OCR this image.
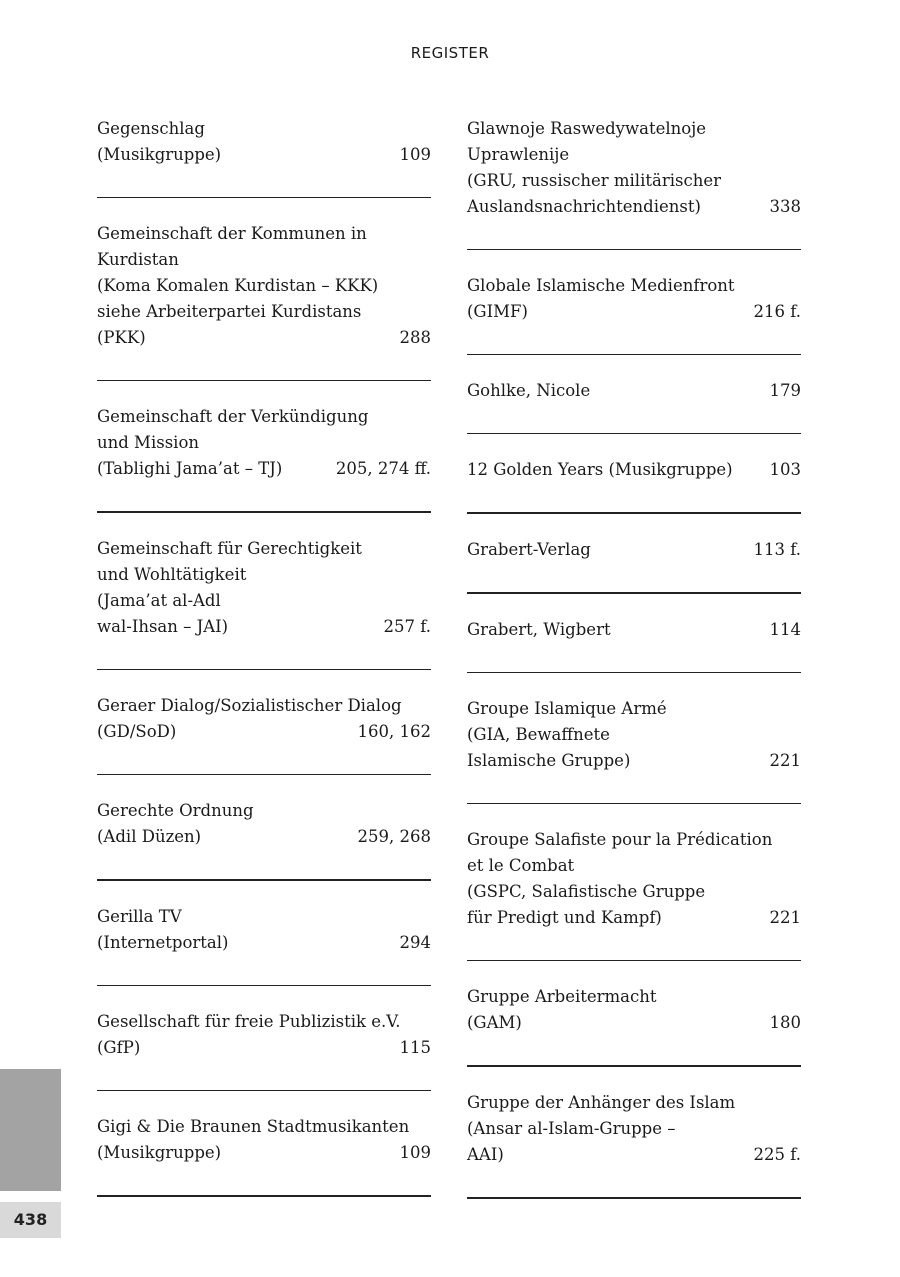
REGISTER
Gegenschlag
(Musikgruppe)	109
Gemeinschaft der Kommunen in
Kurdistan
(Koma Komalen Kurdistan – KKK)
siehe Arbeiterpartei Kurdistans
(PKK)	288
Gemeinschaft der Verkündigung
und Mission
(Tablighi Jama’at – TJ)	205, 274 ff.
Gemeinschaft für Gerechtigkeit
und Wohltätigkeit
(Jama’at al-Adl
wal-Ihsan – JAI)	257 f.
Geraer Dialog/Sozialistischer Dialog
(GD/SoD)	160, 162
Gerechte Ordnung
(Adil Düzen)	259, 268
Gerilla TV
(Internetportal)	294
Gesellschaft für freie Publizistik e.V.
(GfP)	115
Gigi & Die Braunen Stadtmusikanten
(Musikgruppe)	109
Glawnoje Raswedywatelnoje
Uprawlenije
(GRU, russischer militärischer
Auslandsnachrichtendienst)	338
Globale Islamische Medienfront
(GIMF)	216 f.
Gohlke, Nicole	179
12 Golden Years (Musikgruppe) 103
Grabert-Verlag	113 f.
Grabert, Wigbert	114
Groupe Islamique Armé
(GIA, Bewaffnete
Islamische Gruppe)	221
Groupe Salafiste pour la Prédication
et le Combat
(GSPC, Salafistische Gruppe
für Predigt und Kampf)	221
Gruppe Arbeitermacht
(GAM)	180
Gruppe der Anhänger des Islam
(Ansar al-Islam-Gruppe –
AAI)	225 f.
438
